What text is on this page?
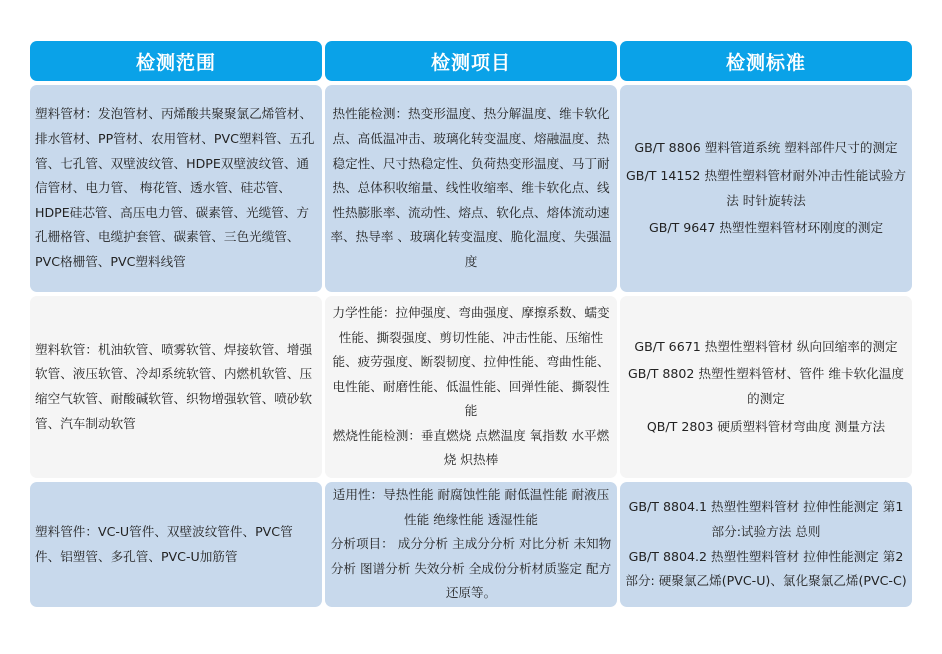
检测范围	检测项目	检测标准

塑料管材：发泡管材、丙烯酸共聚聚氯乙烯管材、排水管材、PP管材、农用管材、PVC塑料管、五孔管、七孔管、双壁波纹管、HDPE双壁波纹管、通信管材、电力管、 梅花管、透水管、硅芯管、HDPE硅芯管、高压电力管、碳素管、光缆管、方孔栅格管、电缆护套管、碳素管、三色光缆管、PVC格栅管、PVC塑料线管

热性能检测：热变形温度、热分解温度、维卡软化点、高低温冲击、玻璃化转变温度、熔融温度、热稳定性、尺寸热稳定性、负荷热变形温度、马丁耐热、总体积收缩量、线性收缩率、维卡软化点、线性热膨胀率、流动性、熔点、软化点、熔体流动速率、热导率 、玻璃化转变温度、脆化温度、失强温度

GB/T 8806 塑料管道系统 塑料部件尺寸的测定

GB/T 14152 热塑性塑料管材耐外冲击性能试验方法 时针旋转法

GB/T 9647 热塑性塑料管材环刚度的测定

塑料软管：机油软管、喷雾软管、焊接软管、增强软管、液压软管、冷却系统软管、内燃机软管、压缩空气软管、耐酸碱软管、织物增强软管、喷砂软管、汽车制动软管

力学性能：拉伸强度、弯曲强度、摩擦系数、蠕变性能、撕裂强度、剪切性能、冲击性能、压缩性能、疲劳强度、断裂韧度、拉伸性能、弯曲性能、电性能、耐磨性能、低温性能、回弹性能、撕裂性能

燃烧性能检测：垂直燃烧 点燃温度 氧指数 水平燃烧 炽热棒

GB/T 6671 热塑性塑料管材 纵向回缩率的测定

GB/T 8802 热塑性塑料管材、管件 维卡软化温度的测定

QB/T 2803 硬质塑料管材弯曲度 测量方法

塑料管件：VC-U管件、双壁波纹管件、PVC管件、铝塑管、多孔管、PVC-U加筋管

适用性：导热性能 耐腐蚀性能 耐低温性能 耐液压性能 绝缘性能 透湿性能

分析项目： 成分分析 主成分分析 对比分析 未知物分析 图谱分析 失效分析 全成份分析材质鉴定 配方还原等。

GB/T 8804.1 热塑性塑料管材 拉伸性能测定 第1部分:试验方法 总则

GB/T 8804.2 热塑性塑料管材 拉伸性能测定 第2部分: 硬聚氯乙烯(PVC-U)、氯化聚氯乙烯(PVC-C)
